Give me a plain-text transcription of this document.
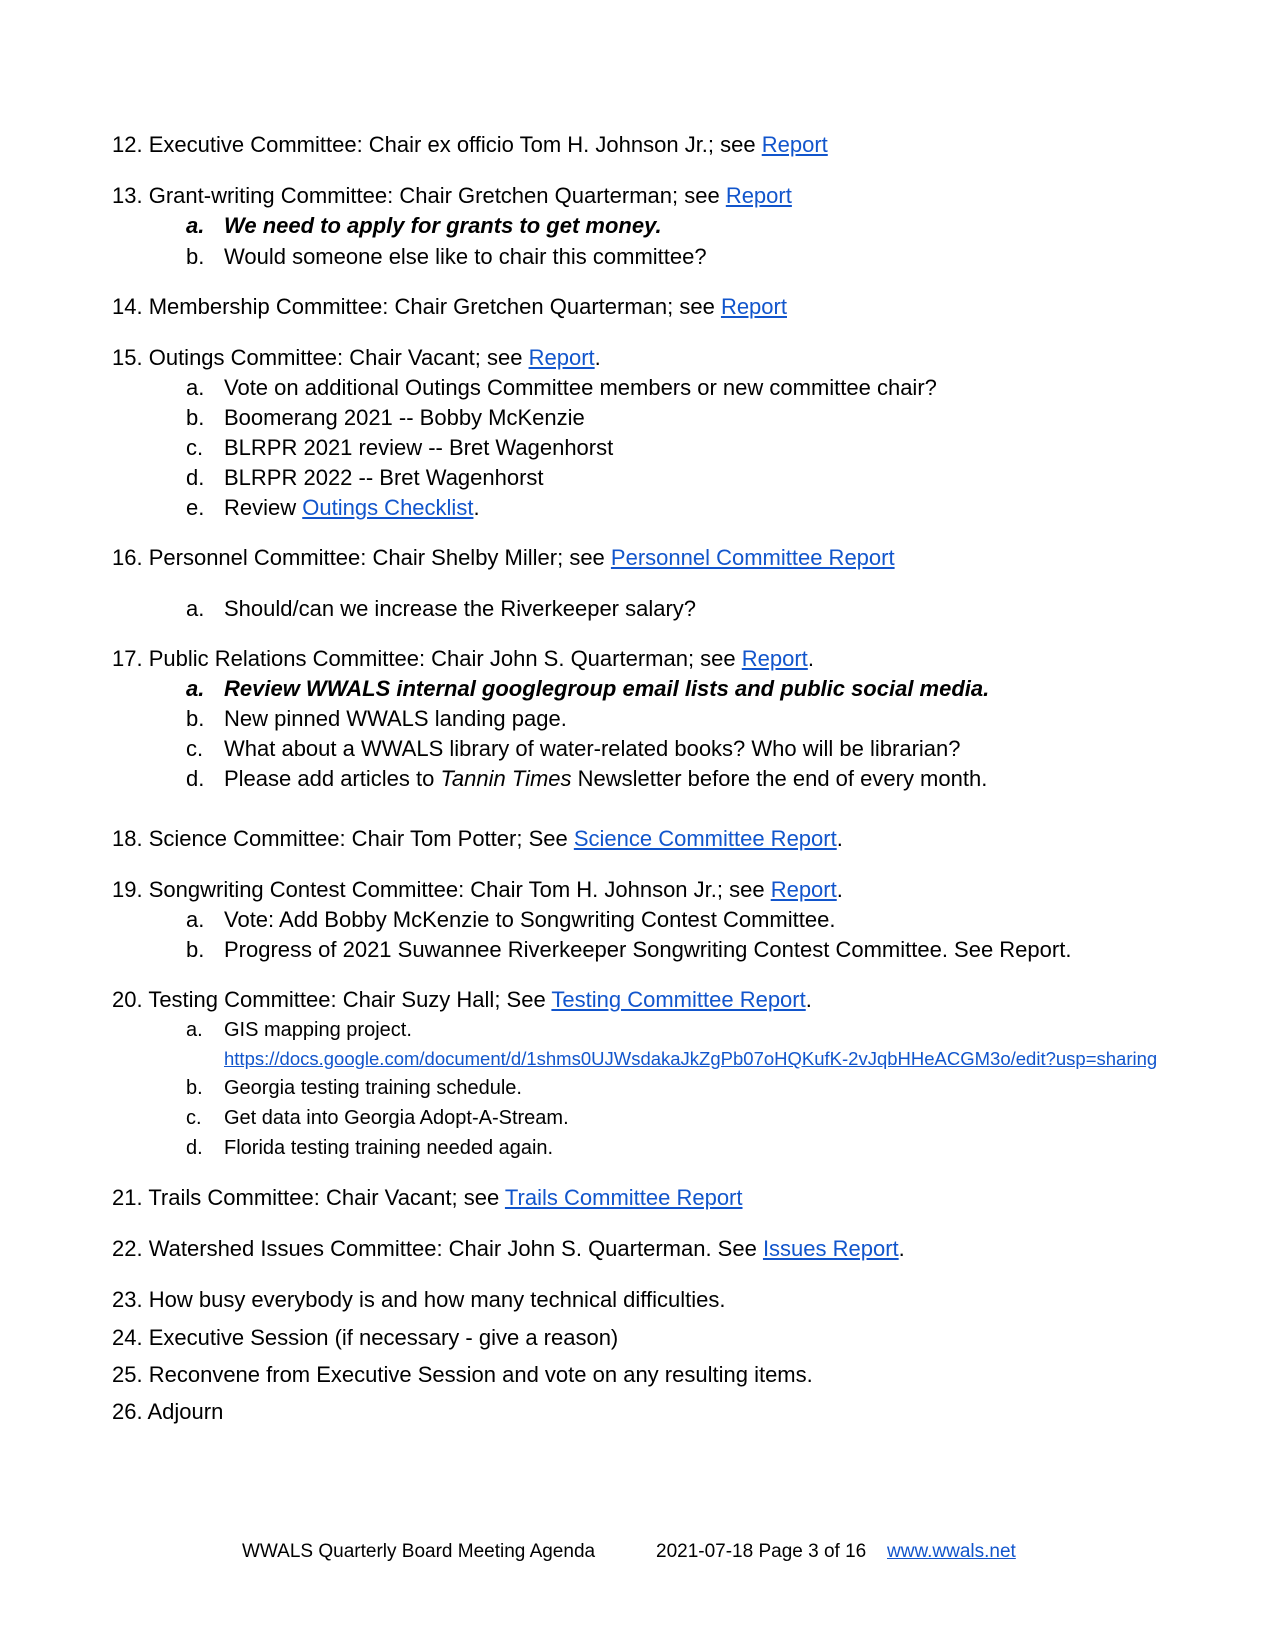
12. Executive Committee: Chair ex officio Tom H. Johnson Jr.; see Report
13. Grant-writing Committee: Chair Gretchen Quarterman; see Report
a. We need to apply for grants to get money.
b. Would someone else like to chair this committee?
14. Membership Committee: Chair Gretchen Quarterman; see Report
15. Outings Committee: Chair Vacant; see Report.
a. Vote on additional Outings Committee members or new committee chair?
b. Boomerang 2021 -- Bobby McKenzie
c. BLRPR 2021 review -- Bret Wagenhorst
d. BLRPR 2022 -- Bret Wagenhorst
e. Review Outings Checklist.
16. Personnel Committee: Chair Shelby Miller; see Personnel Committee Report
a. Should/can we increase the Riverkeeper salary?
17. Public Relations Committee: Chair John S. Quarterman; see Report.
a. Review WWALS internal googlegroup email lists and public social media.
b. New pinned WWALS landing page.
c. What about a WWALS library of water-related books? Who will be librarian?
d. Please add articles to Tannin Times Newsletter before the end of every month.
18. Science Committee: Chair Tom Potter; See Science Committee Report.
19. Songwriting Contest Committee: Chair Tom H. Johnson Jr.; see Report.
a. Vote: Add Bobby McKenzie to Songwriting Contest Committee.
b. Progress of 2021 Suwannee Riverkeeper Songwriting Contest Committee. See Report.
20. Testing Committee: Chair Suzy Hall; See Testing Committee Report.
a. GIS mapping project.
https://docs.google.com/document/d/1shms0UJWsdakaJkZgPb07oHQKufK-2vJqbHHeACGM3o/edit?usp=sharing
b. Georgia testing training schedule.
c. Get data into Georgia Adopt-A-Stream.
d. Florida testing training needed again.
21. Trails Committee: Chair Vacant; see Trails Committee Report
22. Watershed Issues Committee: Chair John S. Quarterman. See Issues Report.
23. How busy everybody is and how many technical difficulties.
24. Executive Session (if necessary - give a reason)
25. Reconvene from Executive Session and vote on any resulting items.
26. Adjourn
WWALS Quarterly Board Meeting Agenda	2021-07-18 Page 3 of 16 www.wwals.net
